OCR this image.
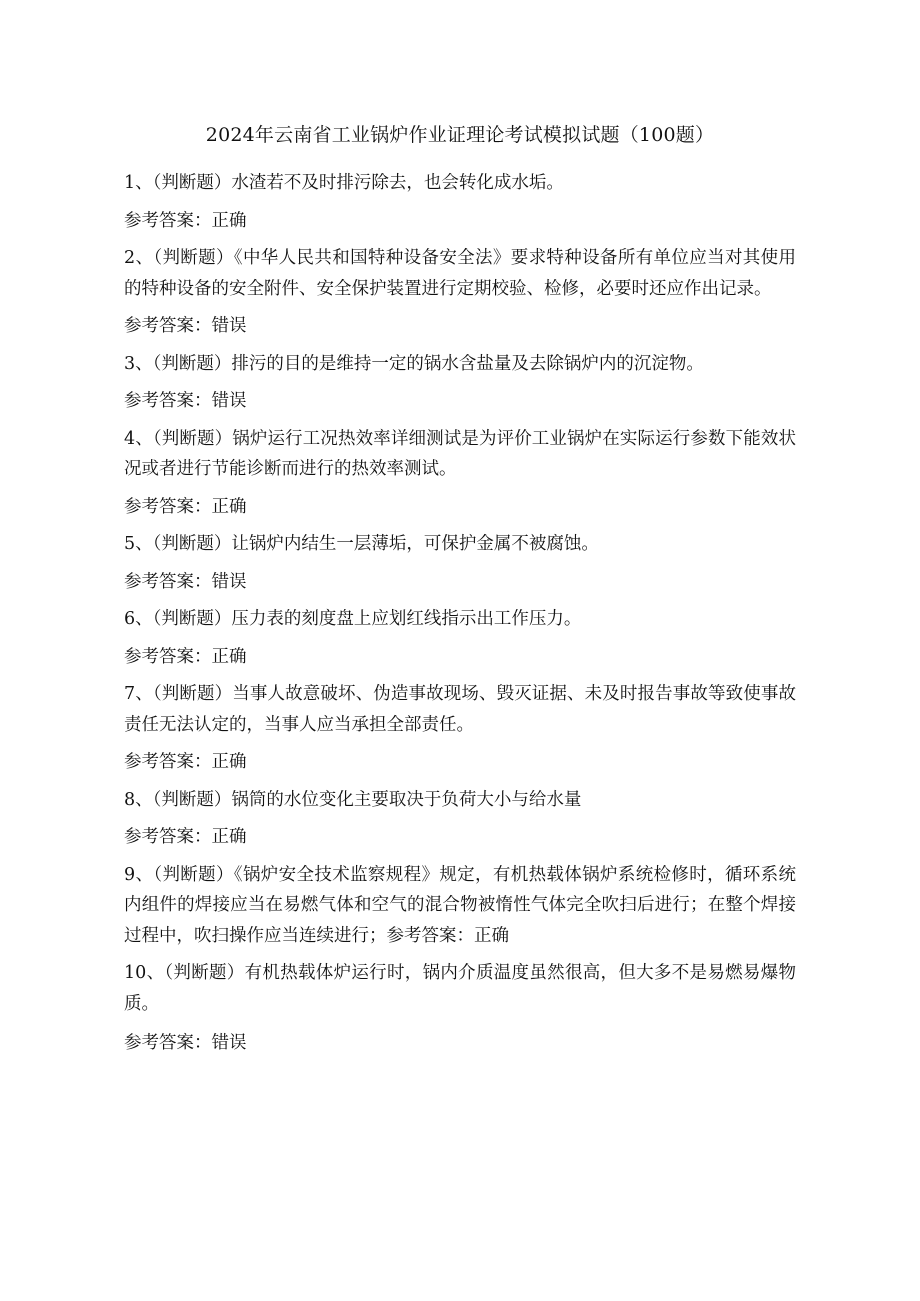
2024年云南省工业锅炉作业证理论考试模拟试题（100题）
1、（判断题）水渣若不及时排污除去，也会转化成水垢。
参考答案：正确
2、（判断题）《中华人民共和国特种设备安全法》要求特种设备所有单位应当对其使用的特种设备的安全附件、安全保护装置进行定期校验、检修，必要时还应作出记录。
参考答案：错误
3、（判断题）排污的目的是维持一定的锅水含盐量及去除锅炉内的沉淀物。
参考答案：错误
4、（判断题）锅炉运行工况热效率详细测试是为评价工业锅炉在实际运行参数下能效状况或者进行节能诊断而进行的热效率测试。
参考答案：正确
5、（判断题）让锅炉内结生一层薄垢，可保护金属不被腐蚀。
参考答案：错误
6、（判断题）压力表的刻度盘上应划红线指示出工作压力。
参考答案：正确
7、（判断题）当事人故意破坏、伪造事故现场、毁灭证据、未及时报告事故等致使事故责任无法认定的，当事人应当承担全部责任。
参考答案：正确
8、（判断题）锅筒的水位变化主要取决于负荷大小与给水量
参考答案：正确
9、（判断题）《锅炉安全技术监察规程》规定，有机热载体锅炉系统检修时，循环系统内组件的焊接应当在易燃气体和空气的混合物被惰性气体完全吹扫后进行；在整个焊接过程中，吹扫操作应当连续进行；参考答案：正确
10、（判断题）有机热载体炉运行时，锅内介质温度虽然很高，但大多不是易燃易爆物质。
参考答案：错误
